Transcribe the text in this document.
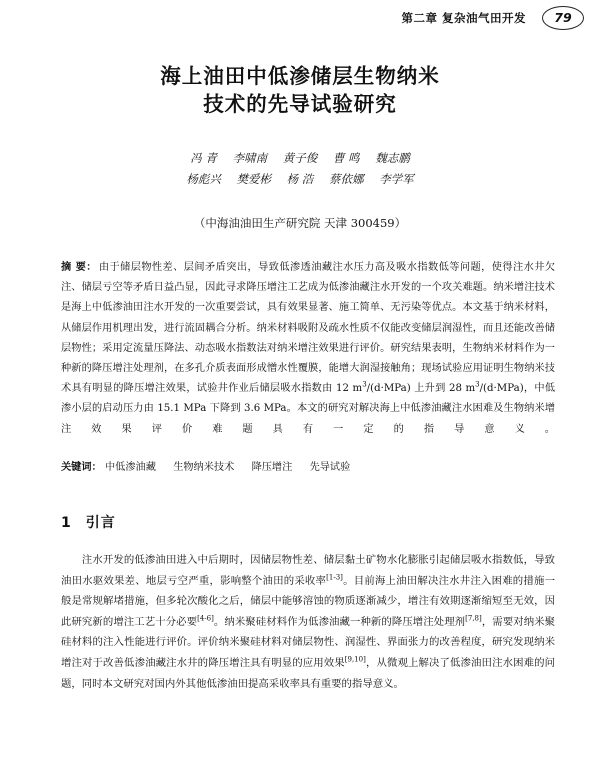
第二章 复杂油气田开发	79
海上油田中低渗储层生物纳米
技术的先导试验研究
冯 青 李啸南 黄子俊 曹 鸣 魏志鹏
杨彪兴 樊爱彬 杨 浩 蔡依娜 李学军
（中海油油田生产研究院 天津 300459）

摘 要： 由于储层物性差、层间矛盾突出，导致低渗透油藏注水压力高及吸水指数低等问题，使得注水井欠注、储层亏空等矛盾日益凸显，因此寻求降压增注工艺成为低渗油藏注水开发的一个攻关难题。纳米增注技术是海上中低渗油田注水开发的一次重要尝试，具有效果显著、施工简单、无污染等优点。本文基于纳米材料，从储层作用机理出发，进行流固耦合分析。纳米材料吸附及疏水性质不仅能改变储层润湿性，而且还能改善储层物性；采用定流量压降法、动态吸水指数法对纳米增注效果进行评价。研究结果表明，生物纳米材料作为一种新的降压增注处理剂，在多孔介质表面形成憎水性覆膜，能增大润湿接触角；现场试验应用证明生物纳米技术具有明显的降压增注效果，试验井作业后储层吸水指数由 12 $m^3/(d\cdot MPa)$ 上升到 28 $m^3/(d\cdot MPa)$，中低渗小层的启动压力由 15.1 MPa 下降到 3.6 MPa。本文的研究对解决海上中低渗油藏注水困难及生物纳米增注效果评价难题具有一定的指导意义。

关键词： 中低渗油藏 生物纳米技术 降压增注 先导试验
1 引言

注水开发的低渗油田进入中后期时，因储层物性差、储层黏土矿物水化膨胀引起储层吸水指数低，导致油田水驱效果差、地层亏空严重，影响整个油田的采收率[1-3]。目前海上油田解决注水井注入困难的措施一般是常规解堵措施，但多轮次酸化之后，储层中能够溶蚀的物质逐渐减少，增注有效期逐渐缩短至无效，因此研究新的增注工艺十分必要[4-6]。纳米聚硅材料作为低渗油藏一种新的降压增注处理剂[7,8]，需要对纳米聚硅材料的注入性能进行评价。评价纳米聚硅材料对储层物性、润湿性、界面张力的改善程度，研究发现纳米增注对于改善低渗油藏注水井的降压增注具有明显的应用效果[9,10]，从微观上解决了低渗油田注水困难的问题，同时本文研究对国内外其他低渗油田提高采收率具有重要的指导意义。
